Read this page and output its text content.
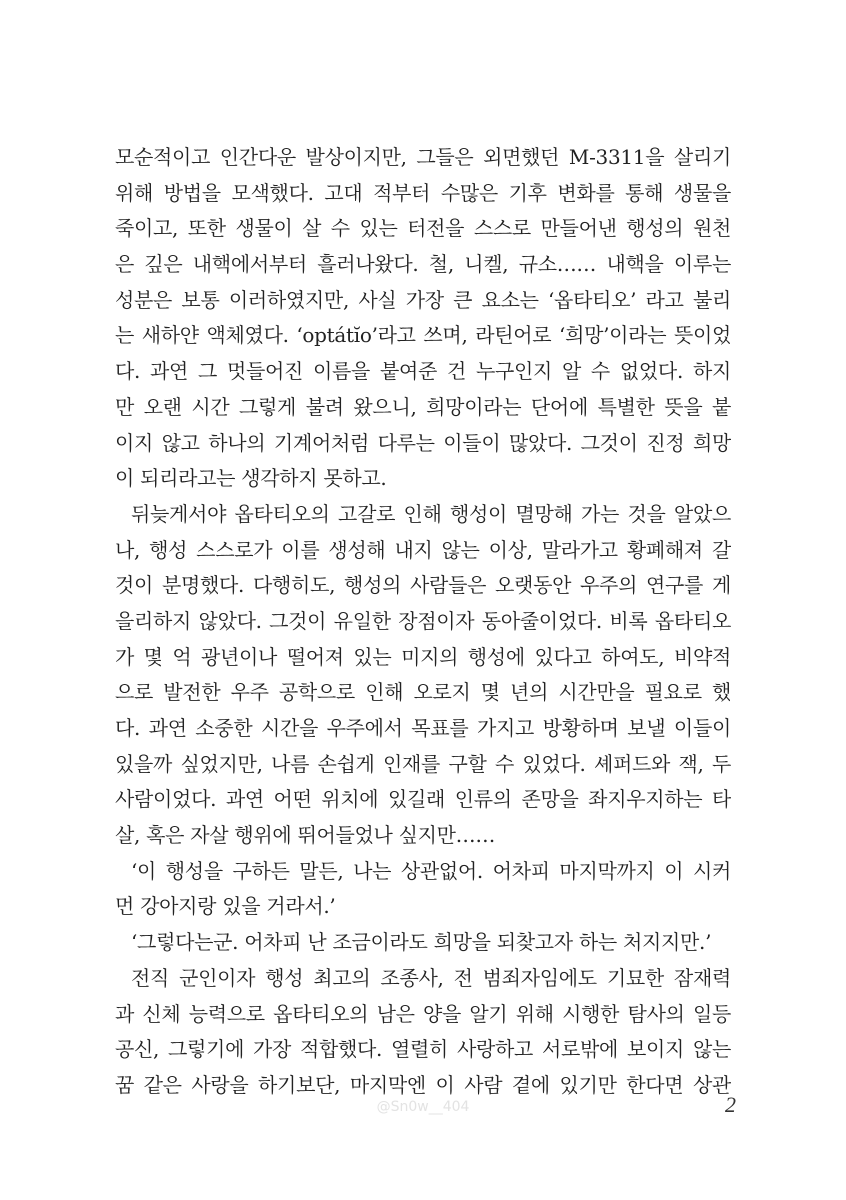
모순적이고 인간다운 발상이지만, 그들은 외면했던 M-3311을 살리기
위해 방법을 모색했다. 고대 적부터 수많은 기후 변화를 통해 생물을
죽이고, 또한 생물이 살 수 있는 터전을 스스로 만들어낸 행성의 원천
은 깊은 내핵에서부터 흘러나왔다. 철, 니켈, 규소…… 내핵을 이루는
성분은 보통 이러하였지만, 사실 가장 큰 요소는 ‘옵타티오’ 라고 불리
는 새하얀 액체였다. ‘optátĭo’라고 쓰며, 라틴어로 ‘희망’이라는 뜻이었
다. 과연 그 멋들어진 이름을 붙여준 건 누구인지 알 수 없었다. 하지
만 오랜 시간 그렇게 불려 왔으니, 희망이라는 단어에 특별한 뜻을 붙
이지 않고 하나의 기계어처럼 다루는 이들이 많았다. 그것이 진정 희망
이 되리라고는 생각하지 못하고.
뒤늦게서야 옵타티오의 고갈로 인해 행성이 멸망해 가는 것을 알았으
나, 행성 스스로가 이를 생성해 내지 않는 이상, 말라가고 황폐해져 갈
것이 분명했다. 다행히도, 행성의 사람들은 오랫동안 우주의 연구를 게
을리하지 않았다. 그것이 유일한 장점이자 동아줄이었다. 비록 옵타티오
가 몇 억 광년이나 떨어져 있는 미지의 행성에 있다고 하여도, 비약적
으로 발전한 우주 공학으로 인해 오로지 몇 년의 시간만을 필요로 했
다. 과연 소중한 시간을 우주에서 목표를 가지고 방황하며 보낼 이들이
있을까 싶었지만, 나름 손쉽게 인재를 구할 수 있었다. 셰퍼드와 잭, 두
사람이었다. 과연 어떤 위치에 있길래 인류의 존망을 좌지우지하는 타
살, 혹은 자살 행위에 뛰어들었나 싶지만……
‘이 행성을 구하든 말든, 나는 상관없어. 어차피 마지막까지 이 시커
먼 강아지랑 있을 거라서.’
‘그렇다는군. 어차피 난 조금이라도 희망을 되찾고자 하는 처지지만.’
전직 군인이자 행성 최고의 조종사, 전 범죄자임에도 기묘한 잠재력
과 신체 능력으로 옵타티오의 남은 양을 알기 위해 시행한 탐사의 일등
공신, 그렇기에 가장 적합했다. 열렬히 사랑하고 서로밖에 보이지 않는
꿈 같은 사랑을 하기보단, 마지막엔 이 사람 곁에 있기만 한다면 상관
@Sn0w__404	2
